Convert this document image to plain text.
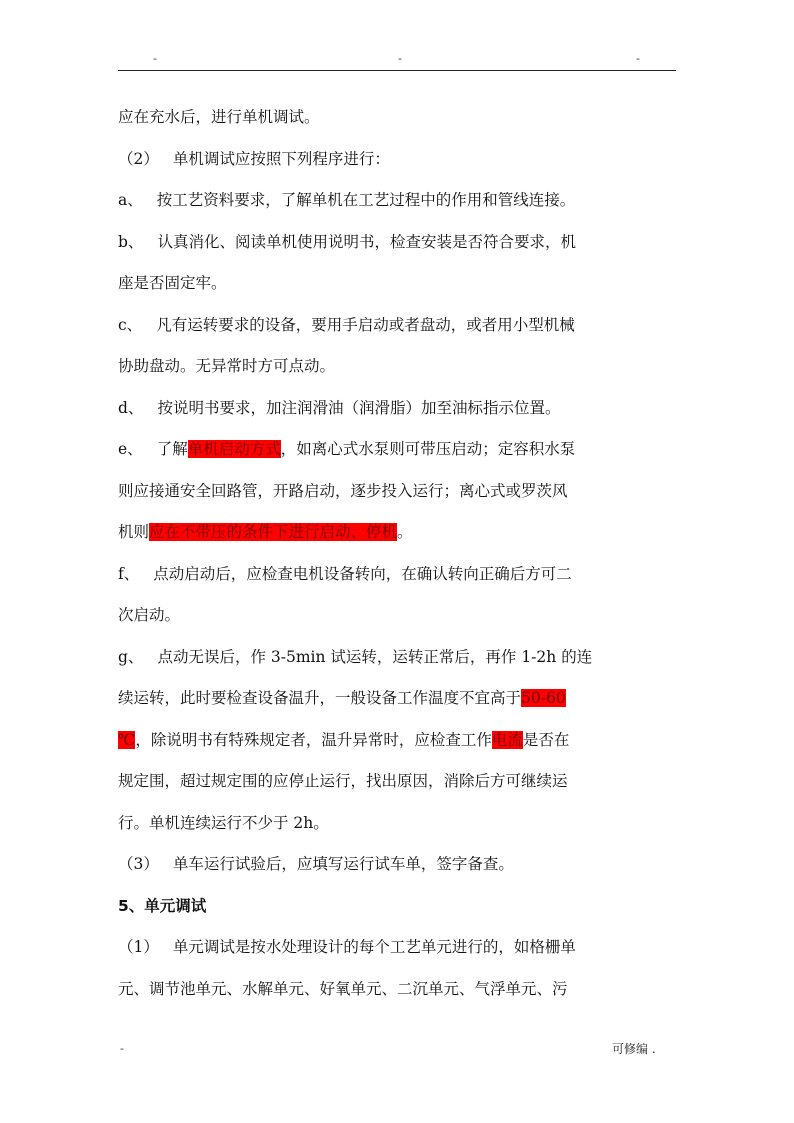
-	-	-

应在充水后，进行单机调试。

（2） 单机调试应按照下列程序进行：

a、 按工艺资料要求，了解单机在工艺过程中的作用和管线连接。

b、 认真消化、阅读单机使用说明书，检查安装是否符合要求，机

座是否固定牢。

c、 凡有运转要求的设备，要用手启动或者盘动，或者用小型机械

协助盘动。无异常时方可点动。

d、 按说明书要求，加注润滑油（润滑脂）加至油标指示位置。

e、 了解单机启动方式，如离心式水泵则可带压启动；定容积水泵

则应接通安全回路管，开路启动，逐步投入运行；离心式或罗茨风

机则应在不带压的条件下进行启动、停机。

f、 点动启动后，应检查电机设备转向，在确认转向正确后方可二

次启动。

g、 点动无误后，作 3-5min 试运转，运转正常后，再作 1-2h 的连

续运转，此时要检查设备温升，一般设备工作温度不宜高于50-60

℃，除说明书有特殊规定者，温升异常时，应检查工作电流是否在

规定围，超过规定围的应停止运行，找出原因，消除后方可继续运

行。单机连续运行不少于 2h。

（3） 单车运行试验后，应填写运行试车单，签字备查。

5、单元调试

（1） 单元调试是按水处理设计的每个工艺单元进行的，如格栅单

元、调节池单元、水解单元、好氧单元、二沉单元、气浮单元、污

-	可修编 .
